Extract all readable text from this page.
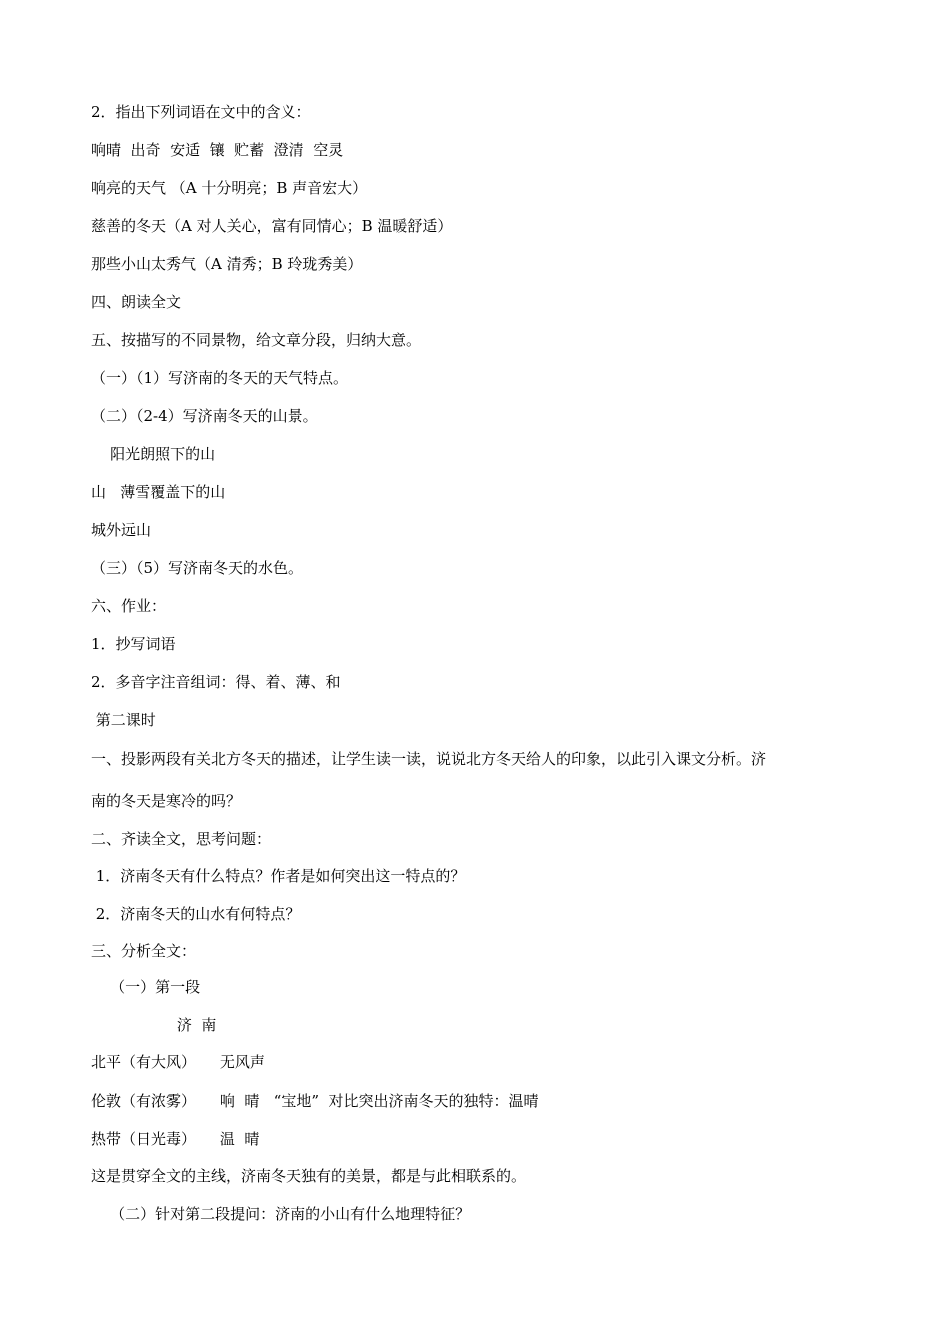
2．指出下列词语在文中的含义：

响晴  出奇  安适  镶  贮蓄  澄清  空灵

响亮的天气 （A 十分明亮；B 声音宏大）

慈善的冬天（A 对人关心，富有同情心；B 温暖舒适）

那些小山太秀气（A 清秀；B 玲珑秀美）

四、朗读全文

五、按描写的不同景物，给文章分段，归纳大意。

（一）（1）写济南的冬天的天气特点。

（二）（2-4）写济南冬天的山景。

阳光朗照下的山

山   薄雪覆盖下的山

城外远山

（三）（5）写济南冬天的水色。

六、作业：

1．抄写词语

2．多音字注音组词：得、着、薄、和

第二课时

一、投影两段有关北方冬天的描述，让学生读一读，说说北方冬天给人的印象，以此引入课文分析。济

南的冬天是寒冷的吗？

二、齐读全文，思考问题：

1．济南冬天有什么特点？作者是如何突出这一特点的？

2．济南冬天的山水有何特点？

三、分析全文：

（一）第一段

济  南

北平（有大风）     无风声

伦敦（有浓雾）     响  晴   “宝地”  对比突出济南冬天的独特：温晴

热带（日光毒）     温  晴

这是贯穿全文的主线，济南冬天独有的美景，都是与此相联系的。

（二）针对第二段提问：济南的小山有什么地理特征？
